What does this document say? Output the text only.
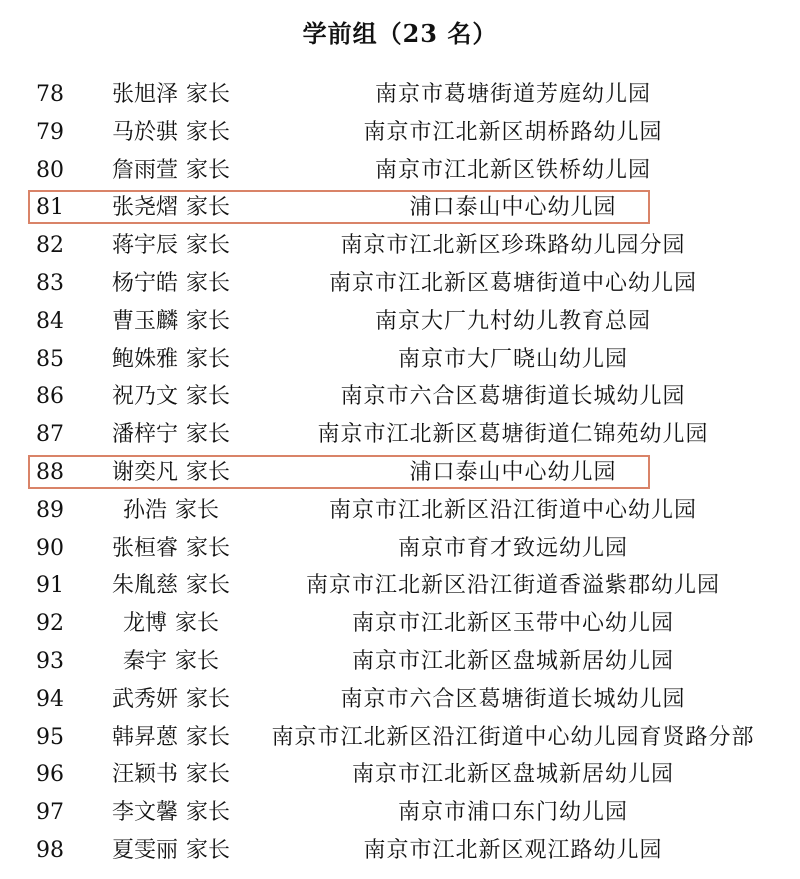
学前组（23 名）
78	张旭泽 家长	南京市葛塘街道芳庭幼儿园
79	马於骐 家长	南京市江北新区胡桥路幼儿园
80	詹雨萱 家长	南京市江北新区铁桥幼儿园
81	张尧熠 家长	浦口泰山中心幼儿园
82	蒋宇辰 家长	南京市江北新区珍珠路幼儿园分园
83	杨宁皓 家长	南京市江北新区葛塘街道中心幼儿园
84	曹玉麟 家长	南京大厂九村幼儿教育总园
85	鲍姝雅 家长	南京市大厂晓山幼儿园
86	祝乃文 家长	南京市六合区葛塘街道长城幼儿园
87	潘梓宁 家长	南京市江北新区葛塘街道仁锦苑幼儿园
88	谢奕凡 家长	浦口泰山中心幼儿园
89	孙浩 家长	南京市江北新区沿江街道中心幼儿园
90	张桓睿 家长	南京市育才致远幼儿园
91	朱胤慈 家长	南京市江北新区沿江街道香溢紫郡幼儿园
92	龙博 家长	南京市江北新区玉带中心幼儿园
93	秦宇 家长	南京市江北新区盘城新居幼儿园
94	武秀妍 家长	南京市六合区葛塘街道长城幼儿园
95	韩昇蒽 家长	南京市江北新区沿江街道中心幼儿园育贤路分部
96	汪颖书 家长	南京市江北新区盘城新居幼儿园
97	李文馨 家长	南京市浦口东门幼儿园
98	夏雯丽 家长	南京市江北新区观江路幼儿园
